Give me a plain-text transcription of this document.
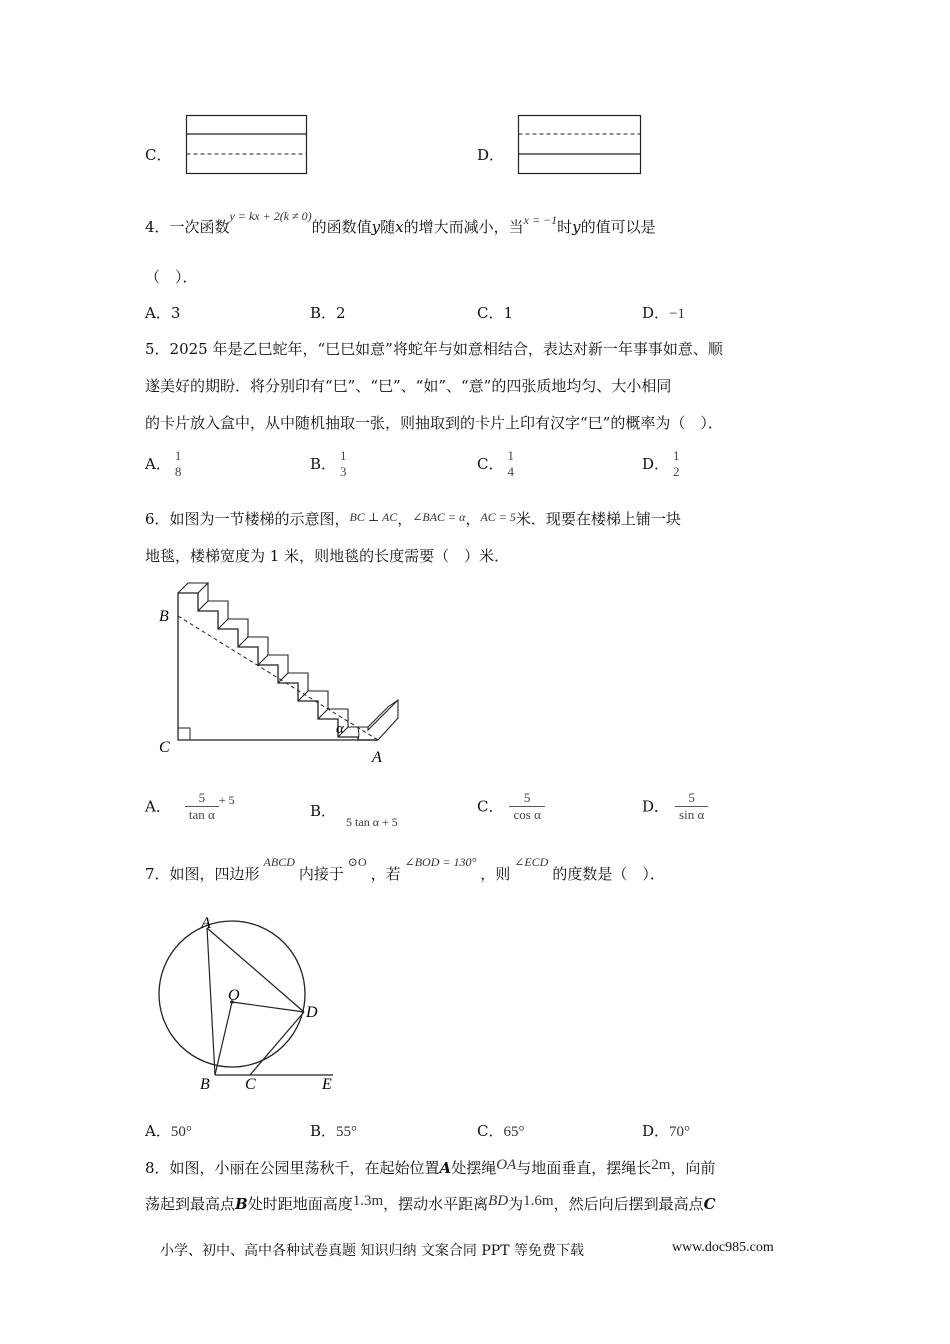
C．	D．
4．一次函数$^{y = kx + 2(k \ne 0)}$的函数值y随x的增大而减小，当$^{x = -1}$时y的值可以是
（　）．
A．3	B．2	C．1	D．−1
5．2025 年是乙巳蛇年，“巳巳如意”将蛇年与如意相结合，表达对新一年事事如意、顺
遂美好的期盼．将分别印有“巳”、“巳”、“如”、“意”的四张质地均匀、大小相同
的卡片放入盒中，从中随机抽取一张，则抽取到的卡片上印有汉字“巳”的概率为（　）．
A． 1
8	B． 1
3	C． 1
4	D． 1
2
6．如图为一节楼梯的示意图，$^{BC \perp AC}$，$^{\angle BAC = \alpha}$，$^{AC = 5}$米．现要在楼梯上铺一块
地毯，楼梯宽度为 1 米，则地毯的长度需要（　）米．
B
C
A
α
A． $\frac{5}{\text{tan α}} ^{+ 5}$
B．$_{5 tan \alpha + 5}$
C． $\frac{5}{\text{cos α}}$	D． $\frac{5}{\text{sin α}}$
7．如图，四边形$^{ABCD}$内接于$^{⊙O}$，若$^{\angle BOD = 130^\circ}$，则$^{\angle ECD}$的度数是（　）．
A
O
D
B C	E
A．50°	B．55°	C．65°	D．70°
8．如图，小丽在公园里荡秋千，在起始位置A处摆绳OA与地面垂直，摆绳长2m，向前
荡起到最高点B处时距地面高度1.3m，摆动水平距离BD为1.6m，然后向后摆到最高点C
小学、初中、高中各种试卷真题 知识归纳 文案合同 PPT 等免费下载	www.doc985.com
